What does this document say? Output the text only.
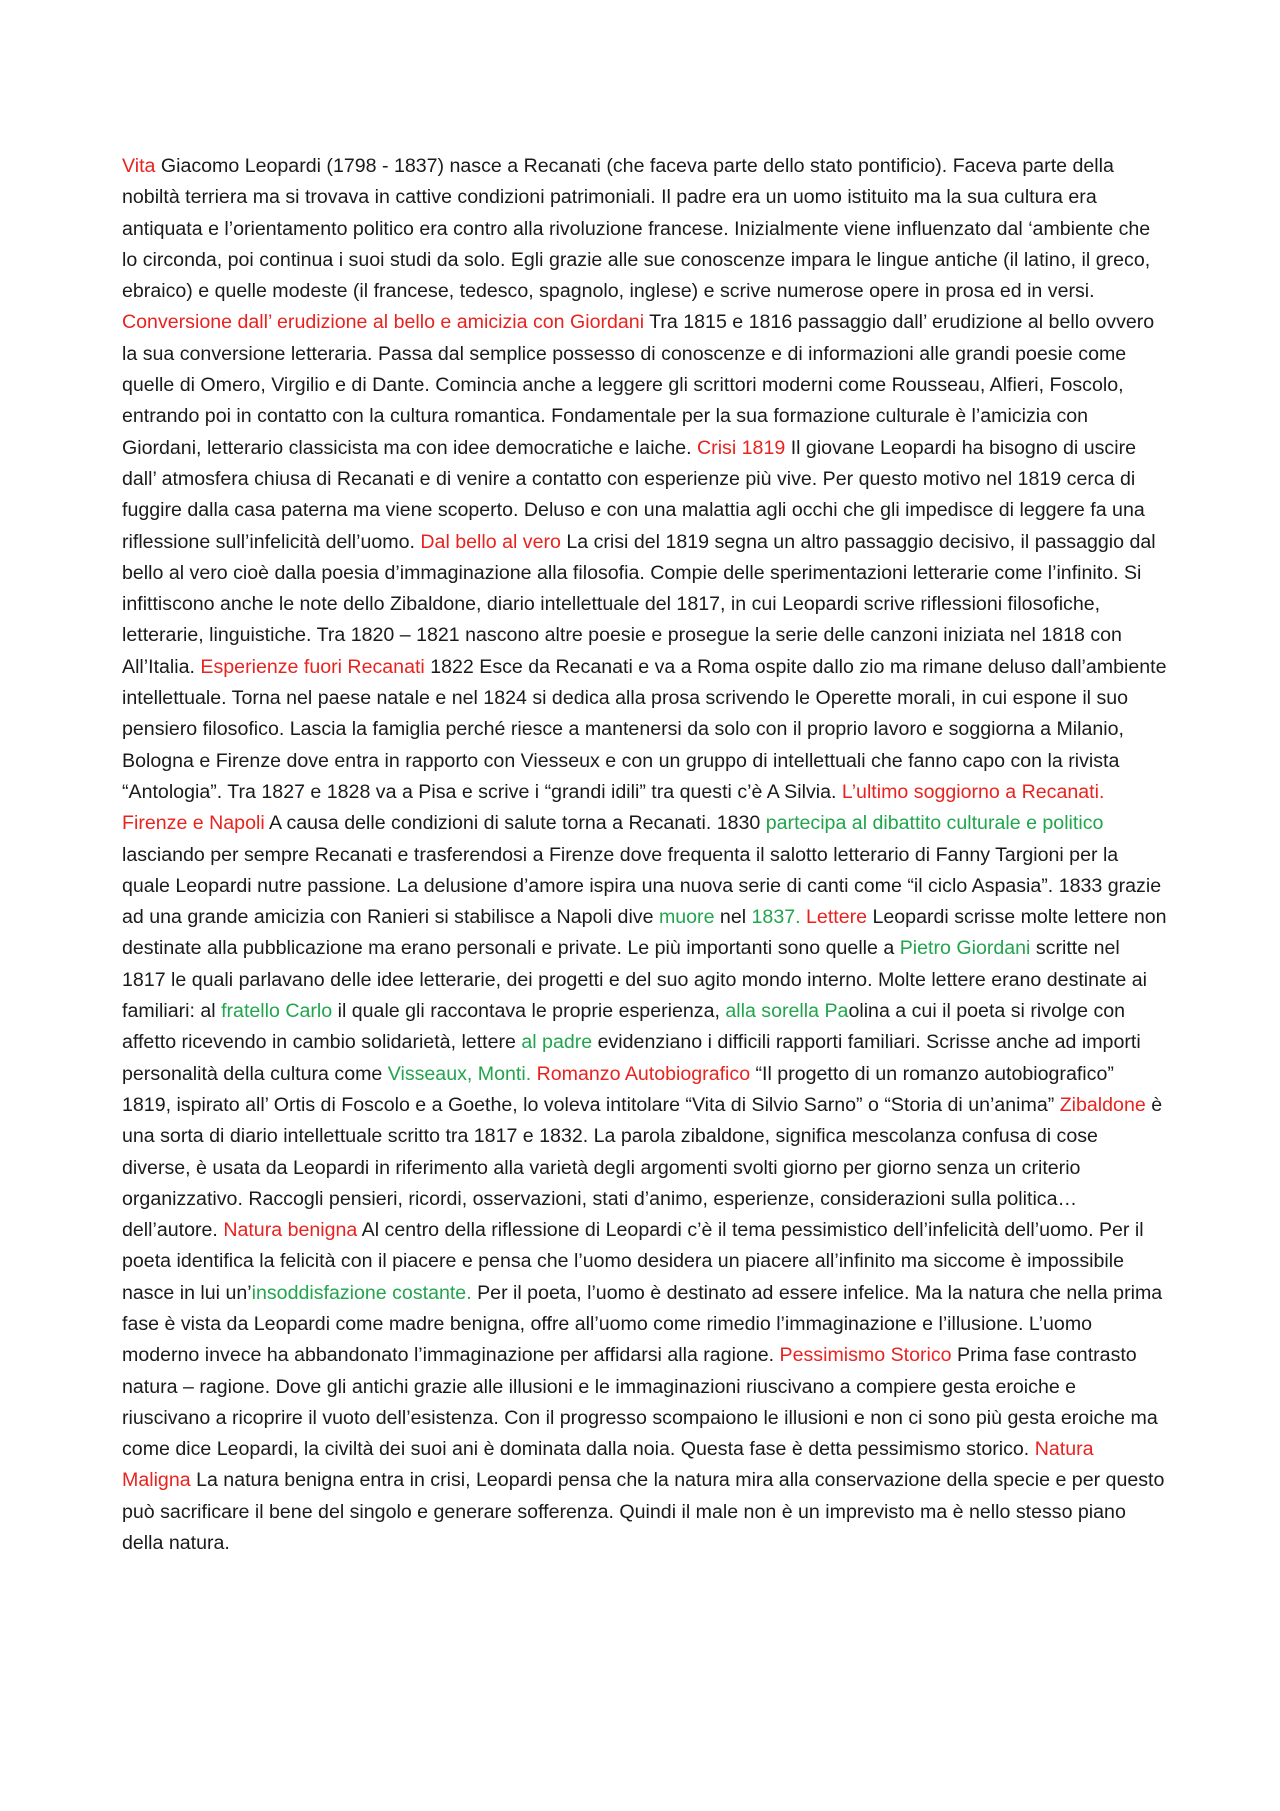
Vita Giacomo Leopardi (1798 - 1837) nasce a Recanati (che faceva parte dello stato pontificio). Faceva parte della nobiltà terriera ma si trovava in cattive condizioni patrimoniali. Il padre era un uomo istituito ma la sua cultura era antiquata e l’orientamento politico era contro alla rivoluzione francese. Inizialmente viene influenzato dal ‘ambiente che lo circonda, poi continua i suoi studi da solo. Egli grazie alle sue conoscenze impara le lingue antiche (il latino, il greco, ebraico) e quelle modeste (il francese, tedesco, spagnolo, inglese) e scrive numerose opere in prosa ed in versi. Conversione dall’ erudizione al bello e amicizia con Giordani Tra 1815 e 1816 passaggio dall’ erudizione al bello ovvero la sua conversione letteraria. Passa dal semplice possesso di conoscenze e di informazioni alle grandi poesie come quelle di Omero, Virgilio e di Dante. Comincia anche a leggere gli scrittori moderni come Rousseau, Alfieri, Foscolo, entrando poi in contatto con la cultura romantica. Fondamentale per la sua formazione culturale è l’amicizia con Giordani, letterario classicista ma con idee democratiche e laiche. Crisi 1819 Il giovane Leopardi ha bisogno di uscire dall’ atmosfera chiusa di Recanati e di venire a contatto con esperienze più vive. Per questo motivo nel 1819 cerca di fuggire dalla casa paterna ma viene scoperto. Deluso e con una malattia agli occhi che gli impedisce di leggere fa una riflessione sull’infelicità dell’uomo. Dal bello al vero La crisi del 1819 segna un altro passaggio decisivo, il passaggio dal bello al vero cioè dalla poesia d’immaginazione alla filosofia. Compie delle sperimentazioni letterarie come l’infinito. Si infittiscono anche le note dello Zibaldone, diario intellettuale del 1817, in cui Leopardi scrive riflessioni filosofiche, letterarie, linguistiche. Tra 1820 – 1821 nascono altre poesie e prosegue la serie delle canzoni iniziata nel 1818 con All’Italia. Esperienze fuori Recanati 1822 Esce da Recanati e va a Roma ospite dallo zio ma rimane deluso dall’ambiente intellettuale. Torna nel paese natale e nel 1824 si dedica alla prosa scrivendo le Operette morali, in cui espone il suo pensiero filosofico. Lascia la famiglia perché riesce a mantenersi da solo con il proprio lavoro e soggiorna a Milanio, Bologna e Firenze dove entra in rapporto con Viesseux e con un gruppo di intellettuali che fanno capo con la rivista “Antologia”. Tra 1827 e 1828 va a Pisa e scrive i “grandi idili” tra questi c’è A Silvia. L’ultimo soggiorno a Recanati. Firenze e Napoli A causa delle condizioni di salute torna a Recanati. 1830 partecipa al dibattito culturale e politico lasciando per sempre Recanati e trasferendosi a Firenze dove frequenta il salotto letterario di Fanny Targioni per la quale Leopardi nutre passione. La delusione d’amore ispira una nuova serie di canti come “il ciclo Aspasia”. 1833 grazie ad una grande amicizia con Ranieri si stabilisce a Napoli dive muore nel 1837. Lettere Leopardi scrisse molte lettere non destinate alla pubblicazione ma erano personali e private. Le più importanti sono quelle a Pietro Giordani scritte nel 1817 le quali parlavano delle idee letterarie, dei progetti e del suo agito mondo interno. Molte lettere erano destinate ai familiari: al fratello Carlo il quale gli raccontava le proprie esperienza, alla sorella Paolina a cui il poeta si rivolge con affetto ricevendo in cambio solidarietà, lettere al padre evidenziano i difficili rapporti familiari. Scrisse anche ad importi personalità della cultura come Visseaux, Monti. Romanzo Autobiografico “Il progetto di un romanzo autobiografico” 1819, ispirato all’ Ortis di Foscolo e a Goethe, lo voleva intitolare “Vita di Silvio Sarno” o “Storia di un’anima” Zibaldone è una sorta di diario intellettuale scritto tra 1817 e 1832. La parola zibaldone, significa mescolanza confusa di cose diverse, è usata da Leopardi in riferimento alla varietà degli argomenti svolti giorno per giorno senza un criterio organizzativo. Raccogli pensieri, ricordi, osservazioni, stati d’animo, esperienze, considerazioni sulla politica… dell’autore. Natura benigna Al centro della riflessione di Leopardi c’è il tema pessimistico dell’infelicità dell’uomo. Per il poeta identifica la felicità con il piacere e pensa che l’uomo desidera un piacere all’infinito ma siccome è impossibile nasce in lui un’insoddisfazione costante. Per il poeta, l’uomo è destinato ad essere infelice. Ma la natura che nella prima fase è vista da Leopardi come madre benigna, offre all’uomo come rimedio l’immaginazione e l’illusione. L’uomo moderno invece ha abbandonato l’immaginazione per affidarsi alla ragione. Pessimismo Storico Prima fase contrasto natura – ragione. Dove gli antichi grazie alle illusioni e le immaginazioni riuscivano a compiere gesta eroiche e riuscivano a ricoprire il vuoto dell’esistenza. Con il progresso scompaiono le illusioni e non ci sono più gesta eroiche ma come dice Leopardi, la civiltà dei suoi ani è dominata dalla noia. Questa fase è detta pessimismo storico. Natura Maligna La natura benigna entra in crisi, Leopardi pensa che la natura mira alla conservazione della specie e per questo può sacrificare il bene del singolo e generare sofferenza. Quindi il male non è un imprevisto ma è nello stesso piano della natura.
